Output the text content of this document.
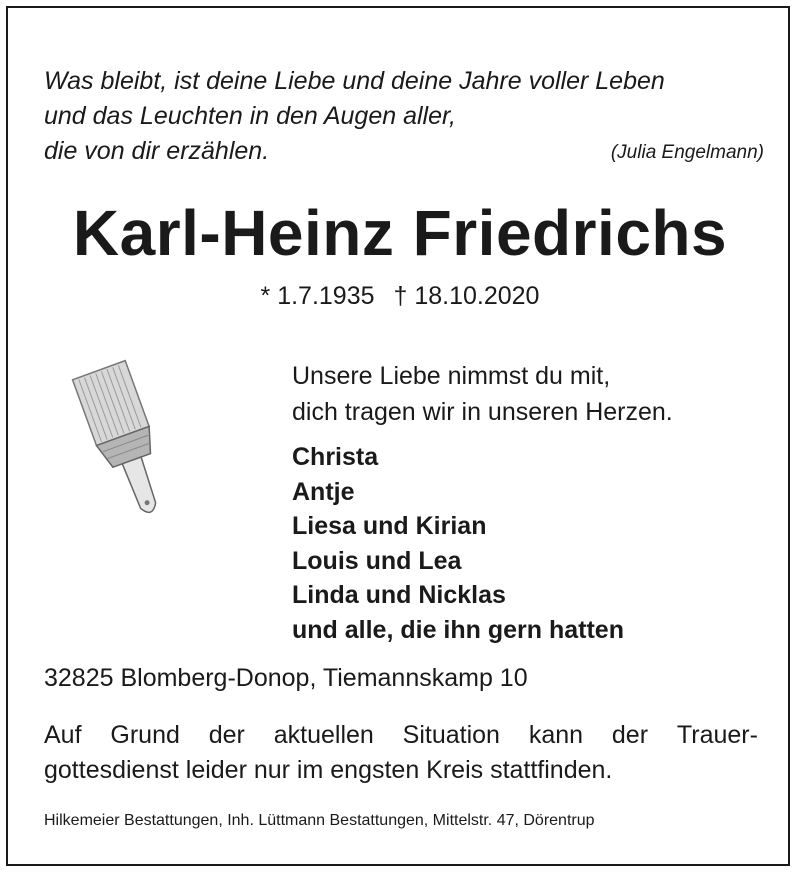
Was bleibt, ist deine Liebe und deine Jahre voller Leben
und das Leuchten in den Augen aller,
die von dir erzählen.	(Julia Engelmann)
Karl-Heinz Friedrichs
* 1.7.1935 † 18.10.2020
Unsere Liebe nimmst du mit,
dich tragen wir in unseren Herzen.
Christa
Antje
Liesa und Kirian
Louis und Lea
Linda und Nicklas
und alle, die ihn gern hatten
32825 Blomberg-Donop, Tiemannskamp 10
Auf Grund der aktuellen Situation kann der Trauer-
gottesdienst leider nur im engsten Kreis stattfinden.
Hilkemeier Bestattungen, Inh. Lüttmann Bestattungen, Mittelstr. 47, Dörentrup
